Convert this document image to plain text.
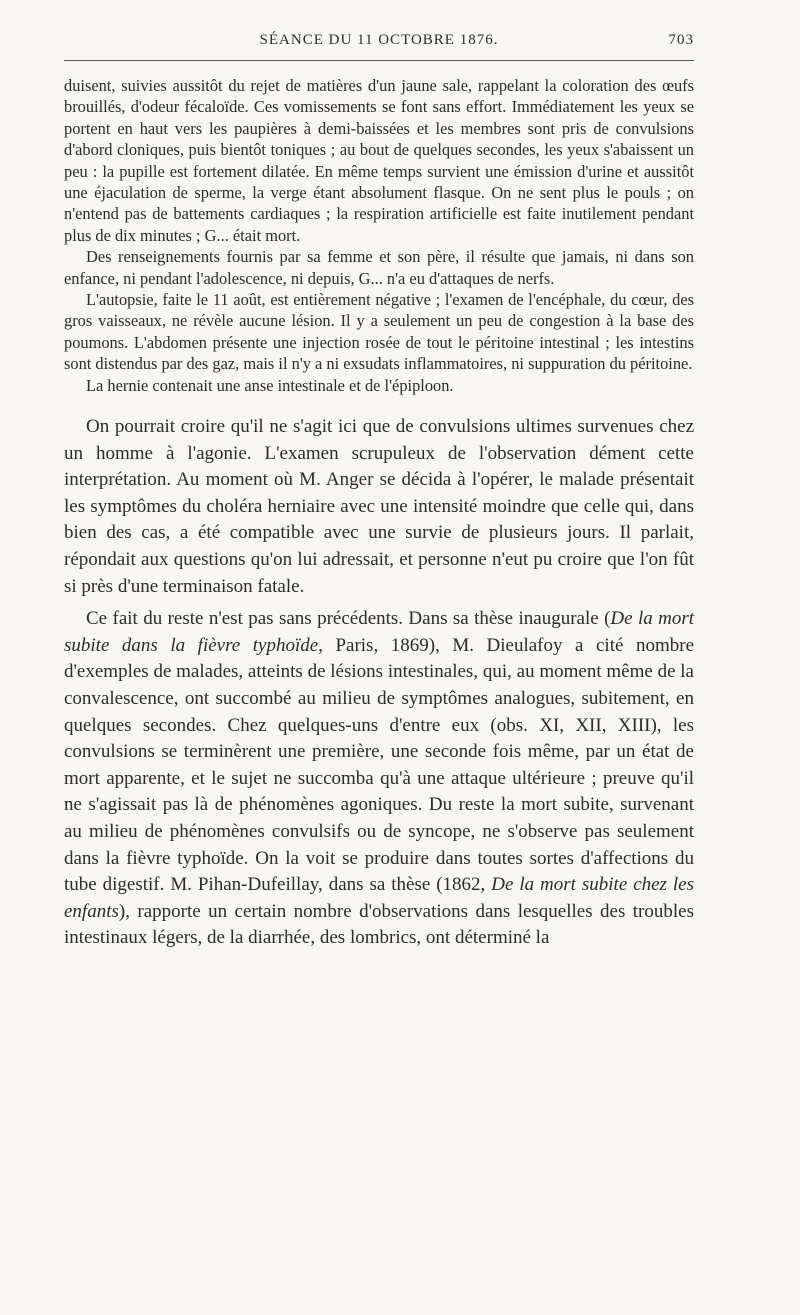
SÉANCE DU 11 OCTOBRE 1876.	703

duisent, suivies aussitôt du rejet de matières d'un jaune sale, rappelant la coloration des œufs brouillés, d'odeur fécaloïde. Ces vomissements se font sans effort. Immédiatement les yeux se portent en haut vers les paupières à demi-baissées et les membres sont pris de convulsions d'abord cloniques, puis bientôt toniques ; au bout de quelques secondes, les yeux s'abaissent un peu : la pupille est fortement dilatée. En même temps survient une émission d'urine et aussitôt une éjaculation de sperme, la verge étant absolument flasque. On ne sent plus le pouls ; on n'entend pas de battements cardiaques ; la respiration artificielle est faite inutilement pendant plus de dix minutes ; G... était mort.

Des renseignements fournis par sa femme et son père, il résulte que jamais, ni dans son enfance, ni pendant l'adolescence, ni depuis, G... n'a eu d'attaques de nerfs.

L'autopsie, faite le 11 août, est entièrement négative ; l'examen de l'encéphale, du cœur, des gros vaisseaux, ne révèle aucune lésion. Il y a seulement un peu de congestion à la base des poumons. L'abdomen présente une injection rosée de tout le péritoine intestinal ; les intestins sont distendus par des gaz, mais il n'y a ni exsudats inflammatoires, ni suppuration du péritoine.

La hernie contenait une anse intestinale et de l'épiploon.

On pourrait croire qu'il ne s'agit ici que de convulsions ultimes survenues chez un homme à l'agonie. L'examen scrupuleux de l'observation dément cette interprétation. Au moment où M. Anger se décida à l'opérer, le malade présentait les symptômes du choléra herniaire avec une intensité moindre que celle qui, dans bien des cas, a été compatible avec une survie de plusieurs jours. Il parlait, répondait aux questions qu'on lui adressait, et personne n'eut pu croire que l'on fût si près d'une terminaison fatale.

Ce fait du reste n'est pas sans précédents. Dans sa thèse inaugurale (De la mort subite dans la fièvre typhoïde, Paris, 1869), M. Dieulafoy a cité nombre d'exemples de malades, atteints de lésions intestinales, qui, au moment même de la convalescence, ont succombé au milieu de symptômes analogues, subitement, en quelques secondes. Chez quelques-uns d'entre eux (obs. XI, XII, XIII), les convulsions se terminèrent une première, une seconde fois même, par un état de mort apparente, et le sujet ne succomba qu'à une attaque ultérieure ; preuve qu'il ne s'agissait pas là de phénomènes agoniques. Du reste la mort subite, survenant au milieu de phénomènes convulsifs ou de syncope, ne s'observe pas seulement dans la fièvre typhoïde. On la voit se produire dans toutes sortes d'affections du tube digestif. M. Pihan-Dufeillay, dans sa thèse (1862, De la mort subite chez les enfants), rapporte un certain nombre d'observations dans lesquelles des troubles intestinaux légers, de la diarrhée, des lombrics, ont déterminé la
